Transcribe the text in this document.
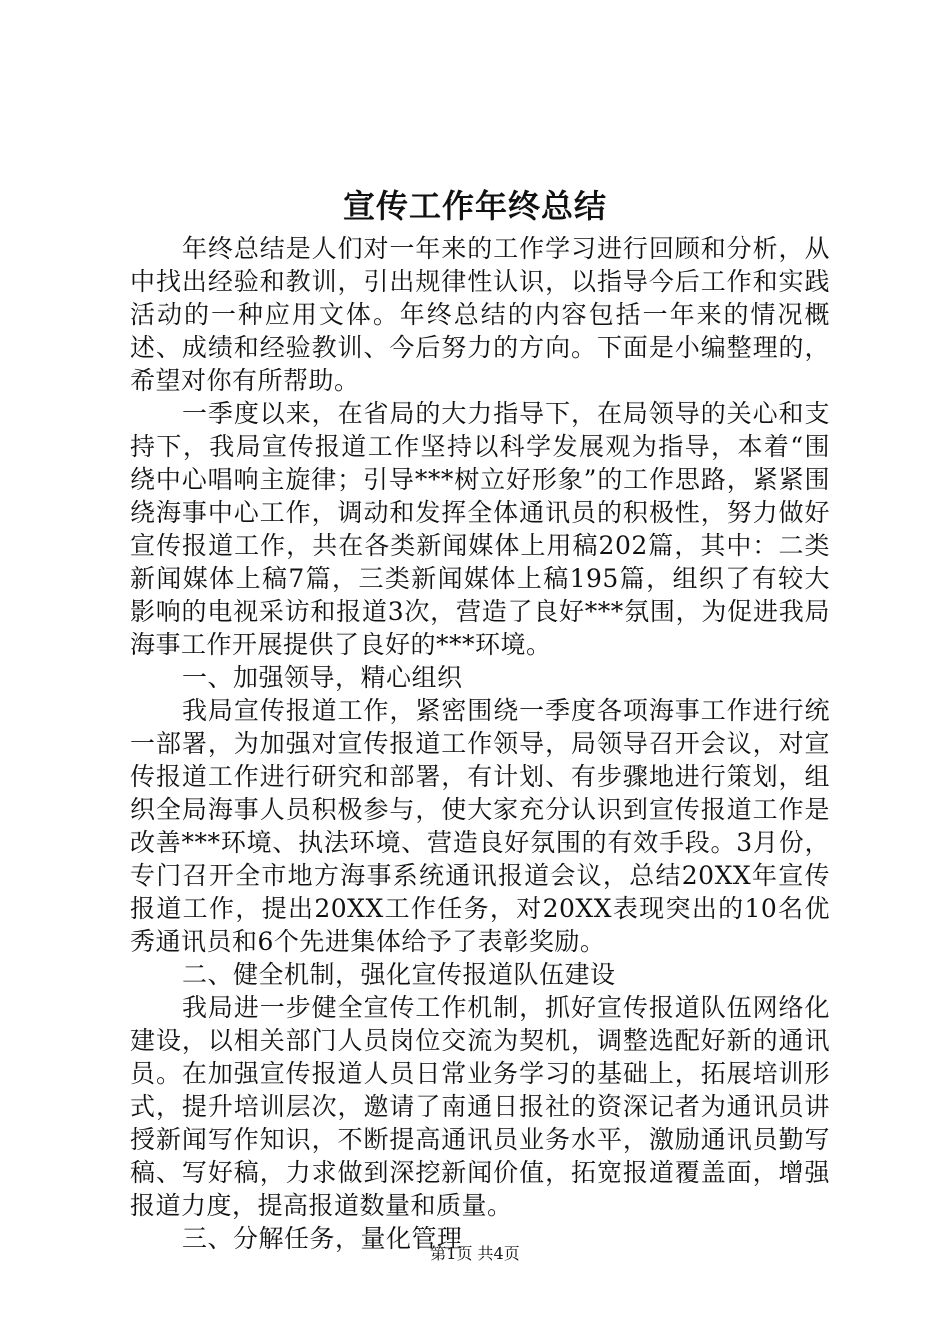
宣传工作年终总结

年终总结是人们对一年来的工作学习进行回顾和分析，从中找出经验和教训，引出规律性认识，以指导今后工作和实践活动的一种应用文体。年终总结的内容包括一年来的情况概述、成绩和经验教训、今后努力的方向。下面是小编整理的，希望对你有所帮助。

一季度以来，在省局的大力指导下，在局领导的关心和支持下，我局宣传报道工作坚持以科学发展观为指导，本着“围绕中心唱响主旋律；引导***树立好形象”的工作思路，紧紧围绕海事中心工作，调动和发挥全体通讯员的积极性，努力做好宣传报道工作，共在各类新闻媒体上用稿202篇，其中：二类新闻媒体上稿7篇，三类新闻媒体上稿195篇，组织了有较大影响的电视采访和报道3次，营造了良好***氛围，为促进我局海事工作开展提供了良好的***环境。

一、加强领导，精心组织

我局宣传报道工作，紧密围绕一季度各项海事工作进行统一部署，为加强对宣传报道工作领导，局领导召开会议，对宣传报道工作进行研究和部署，有计划、有步骤地进行策划，组织全局海事人员积极参与，使大家充分认识到宣传报道工作是改善***环境、执法环境、营造良好氛围的有效手段。3月份，专门召开全市地方海事系统通讯报道会议，总结20XX年宣传报道工作，提出20XX工作任务，对20XX表现突出的10名优秀通讯员和6个先进集体给予了表彰奖励。

二、健全机制，强化宣传报道队伍建设

我局进一步健全宣传工作机制，抓好宣传报道队伍网络化建设，以相关部门人员岗位交流为契机，调整选配好新的通讯员。在加强宣传报道人员日常业务学习的基础上，拓展培训形式，提升培训层次，邀请了南通日报社的资深记者为通讯员讲授新闻写作知识，不断提高通讯员业务水平，激励通讯员勤写稿、写好稿，力求做到深挖新闻价值，拓宽报道覆盖面，增强报道力度，提高报道数量和质量。

三、分解任务，量化管理

第1页 共4页
